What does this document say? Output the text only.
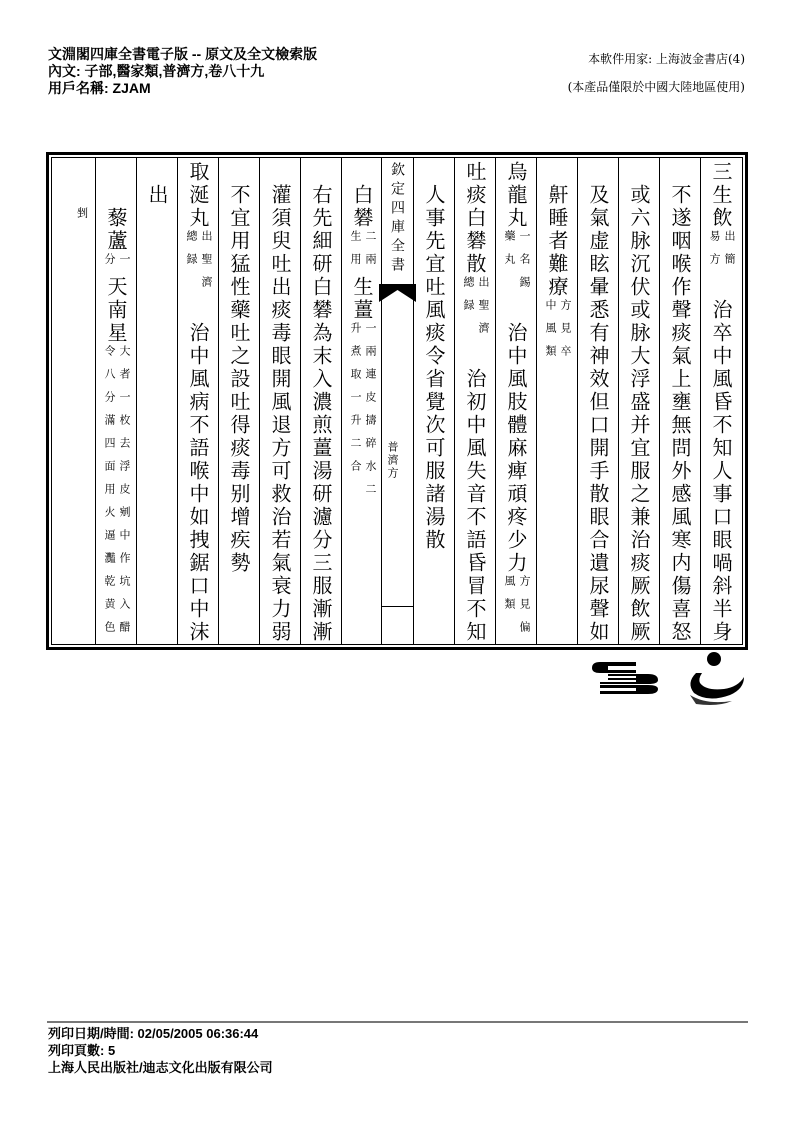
文淵閣四庫全書電子版 -- 原文及全文檢索版
內文: 子部,醫家類,普濟方,卷八十九
用戶名稱: ZJAM
本軟件用家: 上海波金書店(4)
(本產品僅限於中國大陸地區使用)
三生飲
出簡
易方
治卒中風昏不知人事口眼喎斜半身
不遂咽喉作聲痰氣上壅無問外感風寒内傷喜怒
或六脉沉伏或脉大浮盛并宜服之兼治痰厥飲厥
及氣虚眩暈悉有神效但口開手散眼合遺尿聲如
鼾睡者難療
方見卒
中風類
烏龍丸
一名錫
藥丸
治中風肢體麻痺頑疼少力
方見偏
風類
吐痰白礬散
出聖濟
總録
治初中風失音不語昏冒不知
人事先宜吐風痰令省覺次可服諸湯散
欽定四庫全書
普濟方
白礬
二兩
生用
生薑
一兩連皮擣碎水二
升煮取一升二合
右先細研白礬為末入濃煎薑湯研濾分三服漸漸
灌須臾吐出痰毒眼開風退方可救治若氣衰力弱
不宜用猛性藥吐之設吐得痰毒别增疾勢
取涎丸
出聖濟
總録
治中風病不語喉中如拽鋸口中沫
出
藜蘆
一
分
天南星
大者一枚去浮皮剜中作坑入醋
令八分滿四面用火逼灩乾黄色
剉
列印日期/時間: 02/05/2005 06:36:44
列印頁數: 5
上海人民出版社/迪志文化出版有限公司
